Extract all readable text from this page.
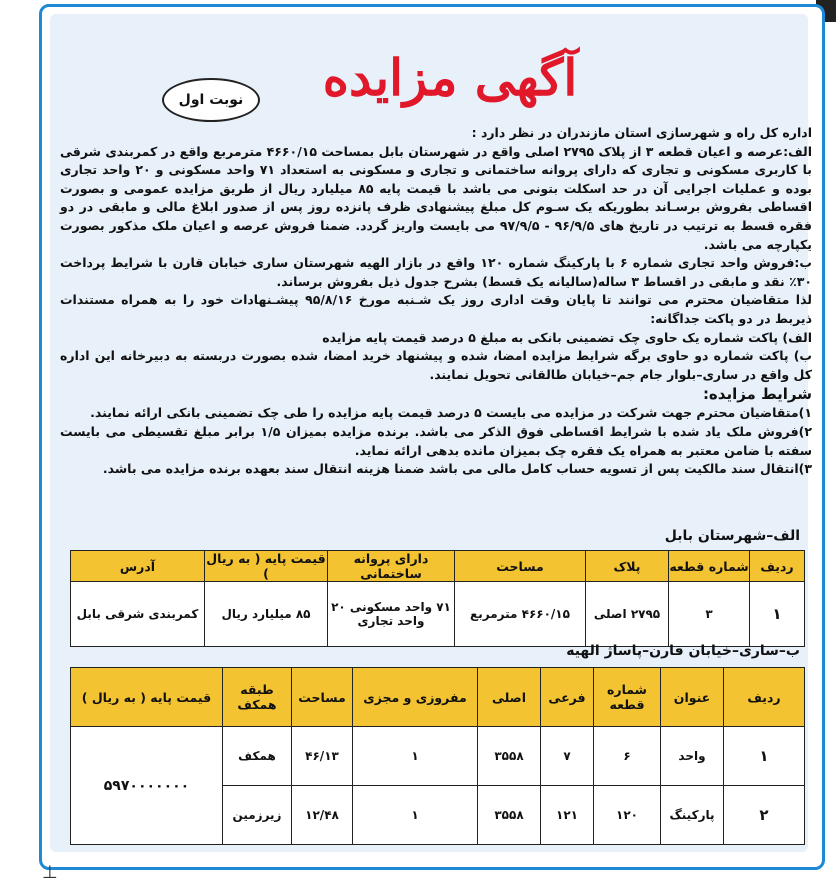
آگهی مزایده
نوبت اول

اداره کل راه و شهرسازی استان مازندران در نظر دارد :

الف:عرصه و اعیان قطعه ۳ از پلاک ۲۷۹۵ اصلی واقع در شهرستان بابل بمساحت ۴۶۶۰/۱۵ مترمربع واقع در کمربندی شرقی با کاربری مسکونی و تجاری که دارای پروانه ساختمانی و تجاری و مسکونی به استعداد ۷۱ واحد مسکونی و ۲۰ واحد تجاری بوده و عملیات اجرایی آن در حد اسکلت بتونی می باشد با قیمت پایه ۸۵ میلیارد ریال از طریق مزایده عمومی و بصورت اقساطی بفروش برسـاند بطوریکه یک سـوم کل مبلغ پیشنهادی ظرف پانزده روز پس از صدور ابلاغ مالی و مابقی در دو فقره قسط به ترتیب در تاریخ های ۹۶/۹/۵ - ۹۷/۹/۵ می بایست واریز گردد. ضمنا فروش عرصه و اعیان ملک مذکور بصورت یکپارچه می باشد.

ب:فروش واحد تجاری شماره ۶ با پارکینگ شماره ۱۲۰ واقع در بازار الهیه شهرستان ساری خیابان قارن با شرایط پرداخت ۳۰٪ نقد و مابقی در اقساط ۳ ساله(سالیانه یک قسط) بشرح جدول ذیل بفروش برساند.

لذا متقاضیان محترم می توانند تا پایان وقت اداری روز یک شـنبه مورخ ۹۵/۸/۱۶ پیشـنهادات خود را به همراه مستندات ذیربط در دو پاکت جداگانه:

الف) پاکت شماره یک حاوی چک تضمینی بانکی به مبلغ ۵ درصد قیمت پایه مزایده

ب) پاکت شماره دو حاوی برگه شرایط مزایده امضا، شده و پیشنهاد خرید امضا، شده بصورت دربسته به دبیرخانه این اداره کل واقع در ساری–بلوار جام جم–خیابان طالقانی تحویل نمایند.

شرایط مزایده:

۱)متقاضیان محترم جهت شرکت در مزایده می بایست ۵ درصد قیمت پایه مزایده را طی چک تضمینی بانکی ارائه نمایند.

۲)فروش ملک یاد شده با شرایط اقساطی فوق الذکر می باشد. برنده مزایده بمیزان ۱/۵ برابر مبلغ تقسیطی می بایست سفته با ضامن معتبر به همراه یک فقره چک بمیزان مانده بدهی ارائه نماید.

۳)انتقال سند مالکیت پس از تسویه حساب کامل مالی می باشد ضمنا هزینه انتقال سند بعهده برنده مزایده می باشد.

الف–شهرستان بابل
ردیف	شماره قطعه	پلاک	مساحت	دارای پروانه ساختمانی	قیمت پایه ( به ریال )	آدرس
۱	۳	۲۷۹۵ اصلی	۴۶۶۰/۱۵ مترمربع	۷۱ واحد مسکونی ۲۰ واحد تجاری	۸۵ میلیارد ریال	کمربندی شرقی بابل
ب–ساری–خیابان قارن–پاساژ الهیه
ردیف	عنوان	شماره قطعه	فرعی	اصلی	مفروزی و مجزی	مساحت	طبقه همکف	قیمت پایه ( به ریال )
۱	واحد	۶	۷	۳۵۵۸	۱	۴۶/۱۳	همکف	۵۹۷۰۰۰۰۰۰۰
۲	پارکینگ	۱۲۰	۱۲۱	۳۵۵۸	۱	۱۲/۴۸	زیرزمین	
⊥
